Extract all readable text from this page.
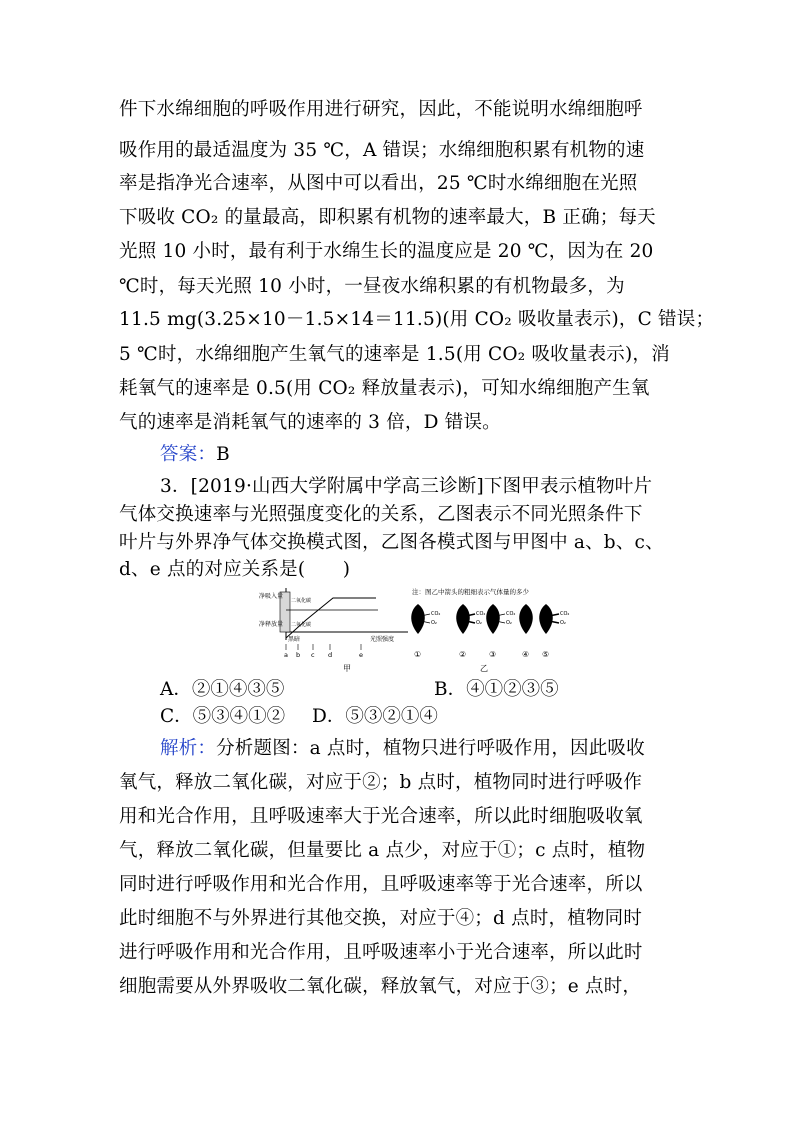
件下水绵细胞的呼吸作用进行研究，因此，不能说明水绵细胞呼
吸作用的最适温度为 35 ℃，A 错误；水绵细胞积累有机物的速
率是指净光合速率，从图中可以看出，25 ℃时水绵细胞在光照
下吸收 CO₂ 的量最高，即积累有机物的速率最大，B 正确；每天
光照 10 小时，最有利于水绵生长的温度应是 20 ℃，因为在 20
℃时，每天光照 10 小时，一昼夜水绵积累的有机物最多，为
11.5 mg(3.25×10－1.5×14＝11.5)(用 CO₂ 吸收量表示)，C 错误；
5 ℃时，水绵细胞产生氧气的速率是 1.5(用 CO₂ 吸收量表示)，消
耗氧气的速率是 0.5(用 CO₂ 释放量表示)，可知水绵细胞产生氧
气的速率是消耗氧气的速率的 3 倍，D 错误。
答案：B
3．[2019·山西大学附属中学高三诊断]下图甲表示植物叶片
气体交换速率与光照强度变化的关系，乙图表示不同光照条件下
叶片与外界净气体交换模式图，乙图各模式图与甲图中 a、b、c、
d、e 点的对应关系是(　　)
净吸入量
净释放量
二氧化碳
二氧化碳
黑暗	光照强度
a b c d	e
甲
注：图乙中箭头的粗细表示气体量的多少
CO₂
O₂
①
CO₂
O₂
②
CO₂
O₂
③	④
CO₂
O₂
⑤
乙
A．②①④③⑤	B．④①②③⑤
C．⑤③④①② D．⑤③②①④
解析：分析题图：a 点时，植物只进行呼吸作用，因此吸收
氧气，释放二氧化碳，对应于②；b 点时，植物同时进行呼吸作
用和光合作用，且呼吸速率大于光合速率，所以此时细胞吸收氧
气，释放二氧化碳，但量要比 a 点少，对应于①；c 点时，植物
同时进行呼吸作用和光合作用，且呼吸速率等于光合速率，所以
此时细胞不与外界进行其他交换，对应于④；d 点时，植物同时
进行呼吸作用和光合作用，且呼吸速率小于光合速率，所以此时
细胞需要从外界吸收二氧化碳，释放氧气，对应于③；e 点时，
